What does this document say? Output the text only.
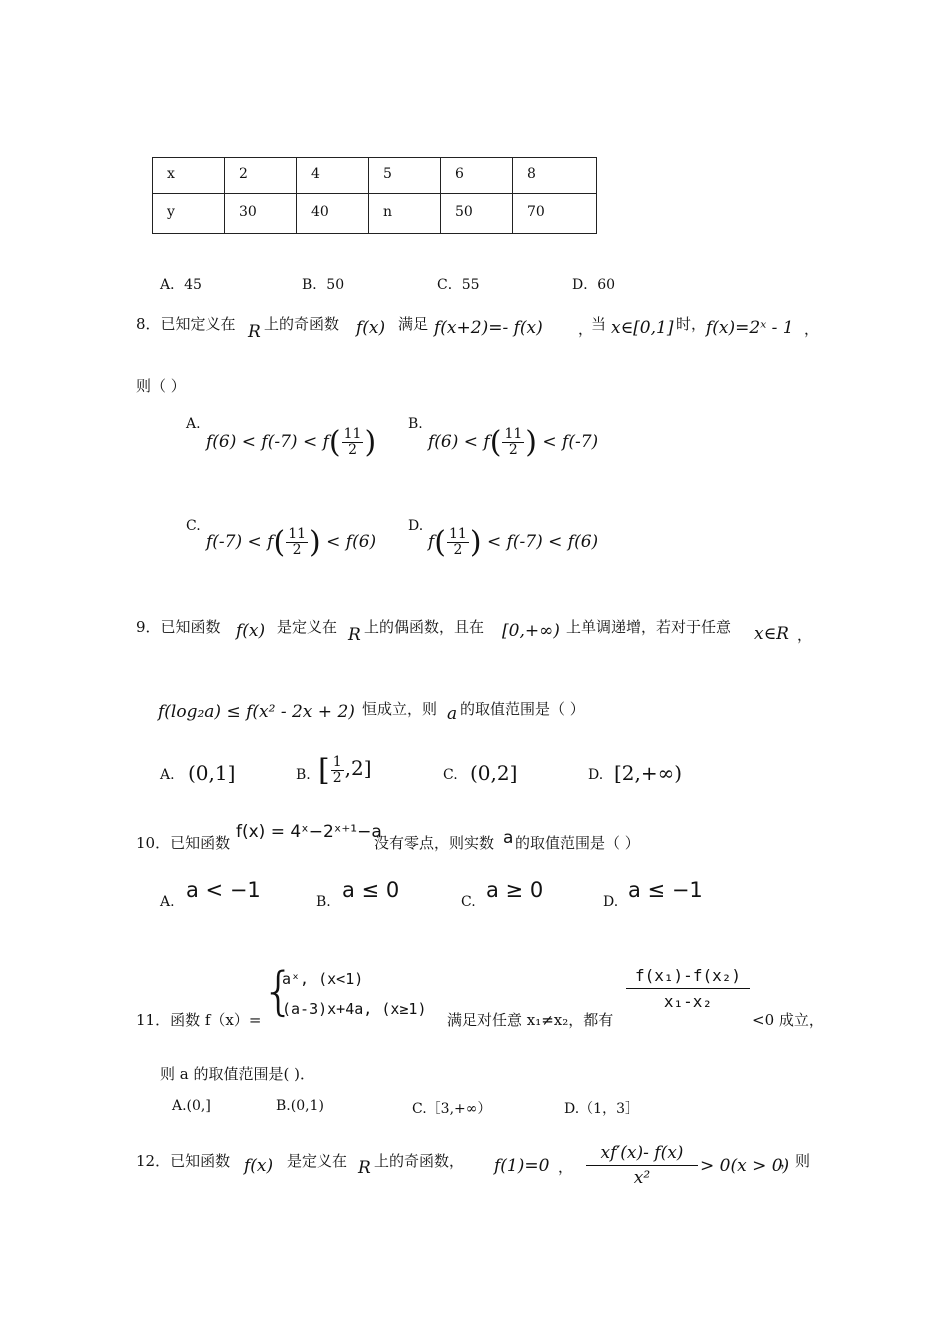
x	2	4	5	6	8
y	30	40	n	50	70
A．45	B．50	C．55	D．60
8．已知定义在 R 上的奇函数 f(x) 满足 f(x+2)=- f(x) ，
当 x∈[0,1] 时， f(x)=2ˣ - 1 ，
则（ ）
A.
$f(6) < f(-7) < f( \frac{11}{2}$ )
B.
$f(6) < f( \frac{11}{2}$ ) < f(-7)
C.
$f(-7) < f( \frac{11}{2}$ ) < f(6)
D.
$f( \frac{11}{2}$ ) < f(-7) < f(6)
9．已知函数 f(x) 是定义在 R 上的偶函数，且在 [0,+∞) 上单调递增，若对于任意 x∈R ，
f(log₂a) ≤ f(x² - 2x + 2) 恒成立，则 a 的取值范围是（ ）
A. (0,1]	B. [ $\frac{1}{2} ,2$]	C. (0,2]	D. [2,+∞)
10．已知函数
f(x) = 4ˣ−2ˣ⁺¹−a
没有零点，则实数 a 的取值范围是（ ）
A. a < −1	B. a ≤ 0	C. a ≥ 0	D. a ≤ −1
11．函数 f（x）= {
aˣ, (x<1)
(a-3)x+4a, (x≥1)
满足对任意 x₁≠x₂，都有
$\frac{\text{f(x₁)-f(x₂)}}{\text{x₁-x₂}}$
<0 成立，
则 a 的取值范围是( )．
A.(0,]	B.(0,1)	C.［3,+∞）	D.（1，3］
12．已知函数 f(x) 是定义在 R 上的奇函数， f(1)=0 ， $\frac{xf'(x)- f(x)}{\text{x²}} > 0(x > 0)$
，则
